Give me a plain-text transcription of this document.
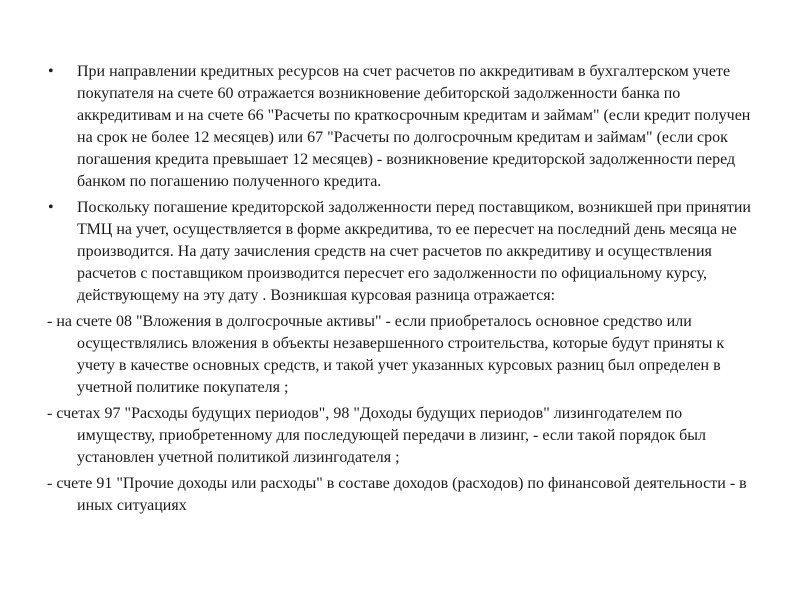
• При направлении кредитных ресурсов на счет расчетов по аккредитивам в бухгалтерском учете покупателя на счете 60 отражается возникновение дебиторской задолженности банка по аккредитивам и на счете 66 "Расчеты по краткосрочным кредитам и займам" (если кредит получен на срок не более 12 месяцев) или 67 "Расчеты по долгосрочным кредитам и займам" (если срок погашения кредита превышает 12 месяцев) - возникновение кредиторской задолженности перед банком по погашению полученного кредита.
• Поскольку погашение кредиторской задолженности перед поставщиком, возникшей при принятии ТМЦ на учет, осуществляется в форме аккредитива, то ее пересчет на последний день месяца не производится. На дату зачисления средств на счет расчетов по аккредитиву и осуществления расчетов с поставщиком производится пересчет его задолженности по официальному курсу, действующему на эту дату . Возникшая курсовая разница отражается:
- на счете 08 "Вложения в долгосрочные активы" - если приобреталось основное средство или осуществлялись вложения в объекты незавершенного строительства, которые будут приняты к учету в качестве основных средств, и такой учет указанных курсовых разниц был определен в учетной политике покупателя ;
- счетах 97 "Расходы будущих периодов", 98 "Доходы будущих периодов" лизингодателем по имуществу, приобретенному для последующей передачи в лизинг, - если такой порядок был установлен учетной политикой лизингодателя ;
- счете 91 "Прочие доходы или расходы" в составе доходов (расходов) по финансовой деятельности - в иных ситуациях
